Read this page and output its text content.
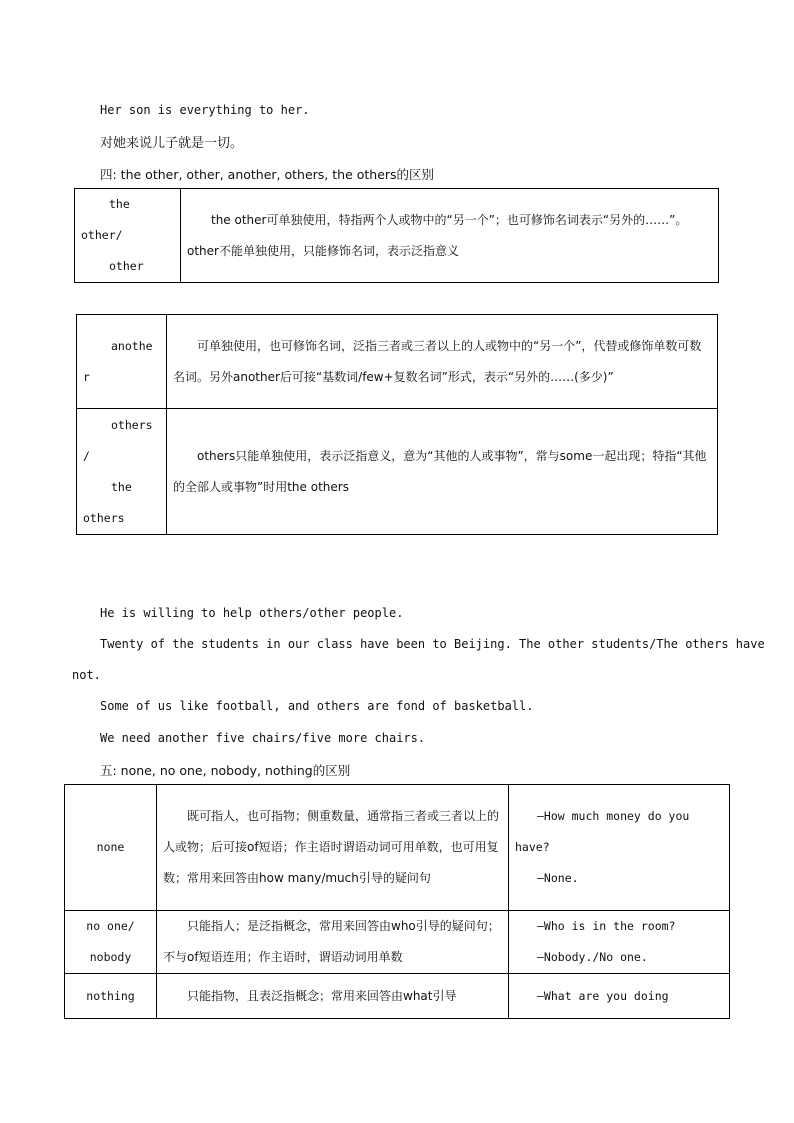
Her son is everything to her.
对她来说儿子就是一切。
四: the other, other, another, others, the others的区别
the
other/
other
	the other可单独使用，特指两个人或物中的“另一个”；也可修饰名词表示“另外的……”。other不能单独使用，只能修饰名词，表示泛指意义
anothe
r	可单独使用，也可修饰名词，泛指三者或三者以上的人或物中的“另一个”，代替或修饰单数可数名词。另外another后可接“基数词/few+复数名词”形式，表示“另外的……(多少)”

others
/
the
others	others只能单独使用，表示泛指意义，意为“其他的人或事物”，常与some一起出现；特指“其他的全部人或事物”时用the others
He is willing to help others/other people.
Twenty of the students in our class have been to Beijing. The other students/The others have
not.
Some of us like football, and others are fond of basketball.
We need another five chairs/five more chairs.
五: none, no one, nobody, nothing的区别
none	既可指人，也可指物；侧重数量，通常指三者或三者以上的人或物；后可接of短语；作主语时谓语动词可用单数，也可用复数；常用来回答由how many/much引导的疑问句	—How much money do you
have?
—None.

no one/
nobody	只能指人；是泛指概念，常用来回答由who引导的疑问句；不与of短语连用；作主语时，谓语动词用单数	—Who is in the room?
—Nobody./No one.

nothing	只能指物，且表泛指概念；常用来回答由what引导	—What are you doing
